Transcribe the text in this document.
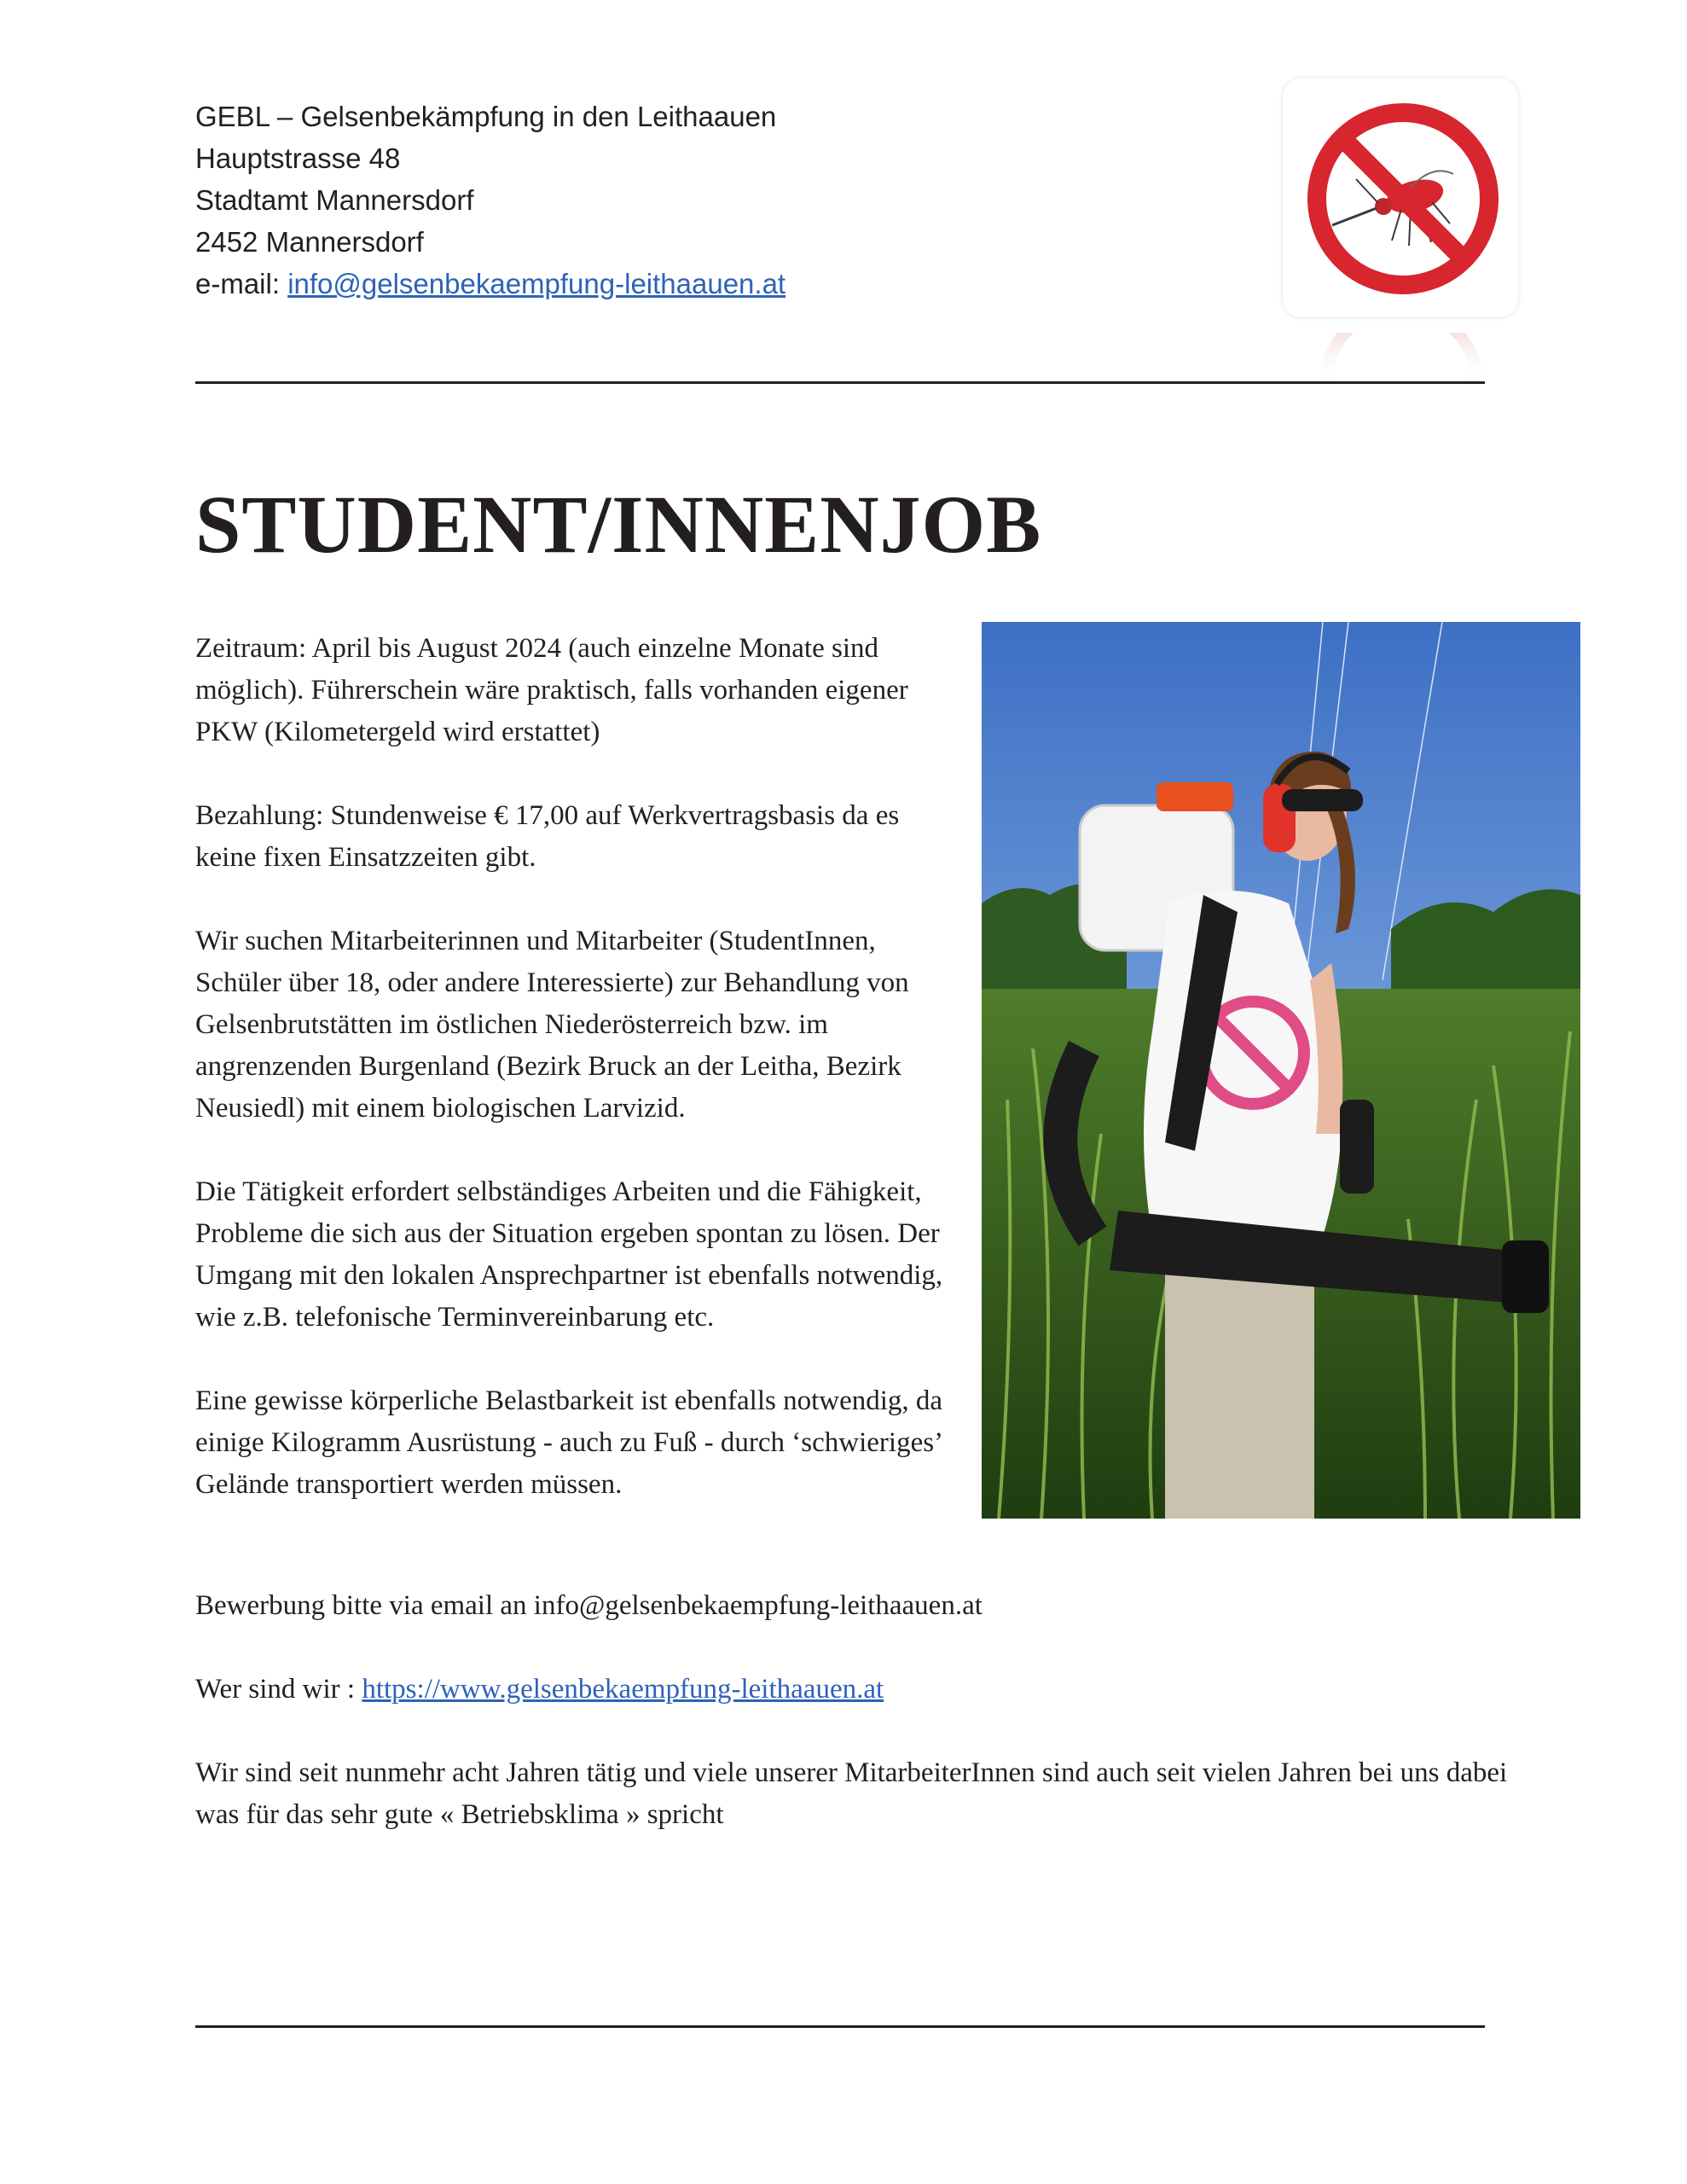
GEBL – Gelsenbekämpfung in den Leithaauen
Hauptstrasse 48
Stadtamt Mannersdorf
2452 Mannersdorf
e-mail: info@gelsenbekaempfung-leithaauen.at
STUDENT/INNENJOB

Zeitraum: April bis August 2024 (auch einzelne Monate sind möglich). Führerschein wäre praktisch, falls vorhanden eigener PKW (Kilometergeld wird erstattet)

Bezahlung: Stundenweise € 17,00 auf Werkvertragsbasis da es keine fixen Einsatzzeiten gibt.

Wir suchen Mitarbeiterinnen und Mitarbeiter (StudentInnen, Schüler über 18, oder andere Interessierte) zur Behandlung von Gelsenbrutstätten im östlichen Niederösterreich bzw. im angrenzenden Burgenland (Bezirk Bruck an der Leitha, Bezirk Neusiedl) mit einem biologischen Larvizid.

Die Tätigkeit erfordert selbständiges Arbeiten und die Fähigkeit, Probleme die sich aus der Situation ergeben spontan zu lösen. Der Umgang mit den lokalen Ansprechpartner ist ebenfalls notwendig, wie z.B. telefonische Terminvereinbarung etc.

Eine gewisse körperliche Belastbarkeit ist ebenfalls notwendig, da einige Kilogramm Ausrüstung - auch zu Fuß - durch ‘schwieriges’ Gelände transportiert werden müssen.

Bewerbung bitte via email an info@gelsenbekaempfung-leithaauen.at

Wer sind wir : https://www.gelsenbekaempfung-leithaauen.at

Wir sind seit nunmehr acht Jahren tätig und viele unserer MitarbeiterInnen sind auch seit vielen Jahren bei uns dabei was für das sehr gute « Betriebsklima » spricht
